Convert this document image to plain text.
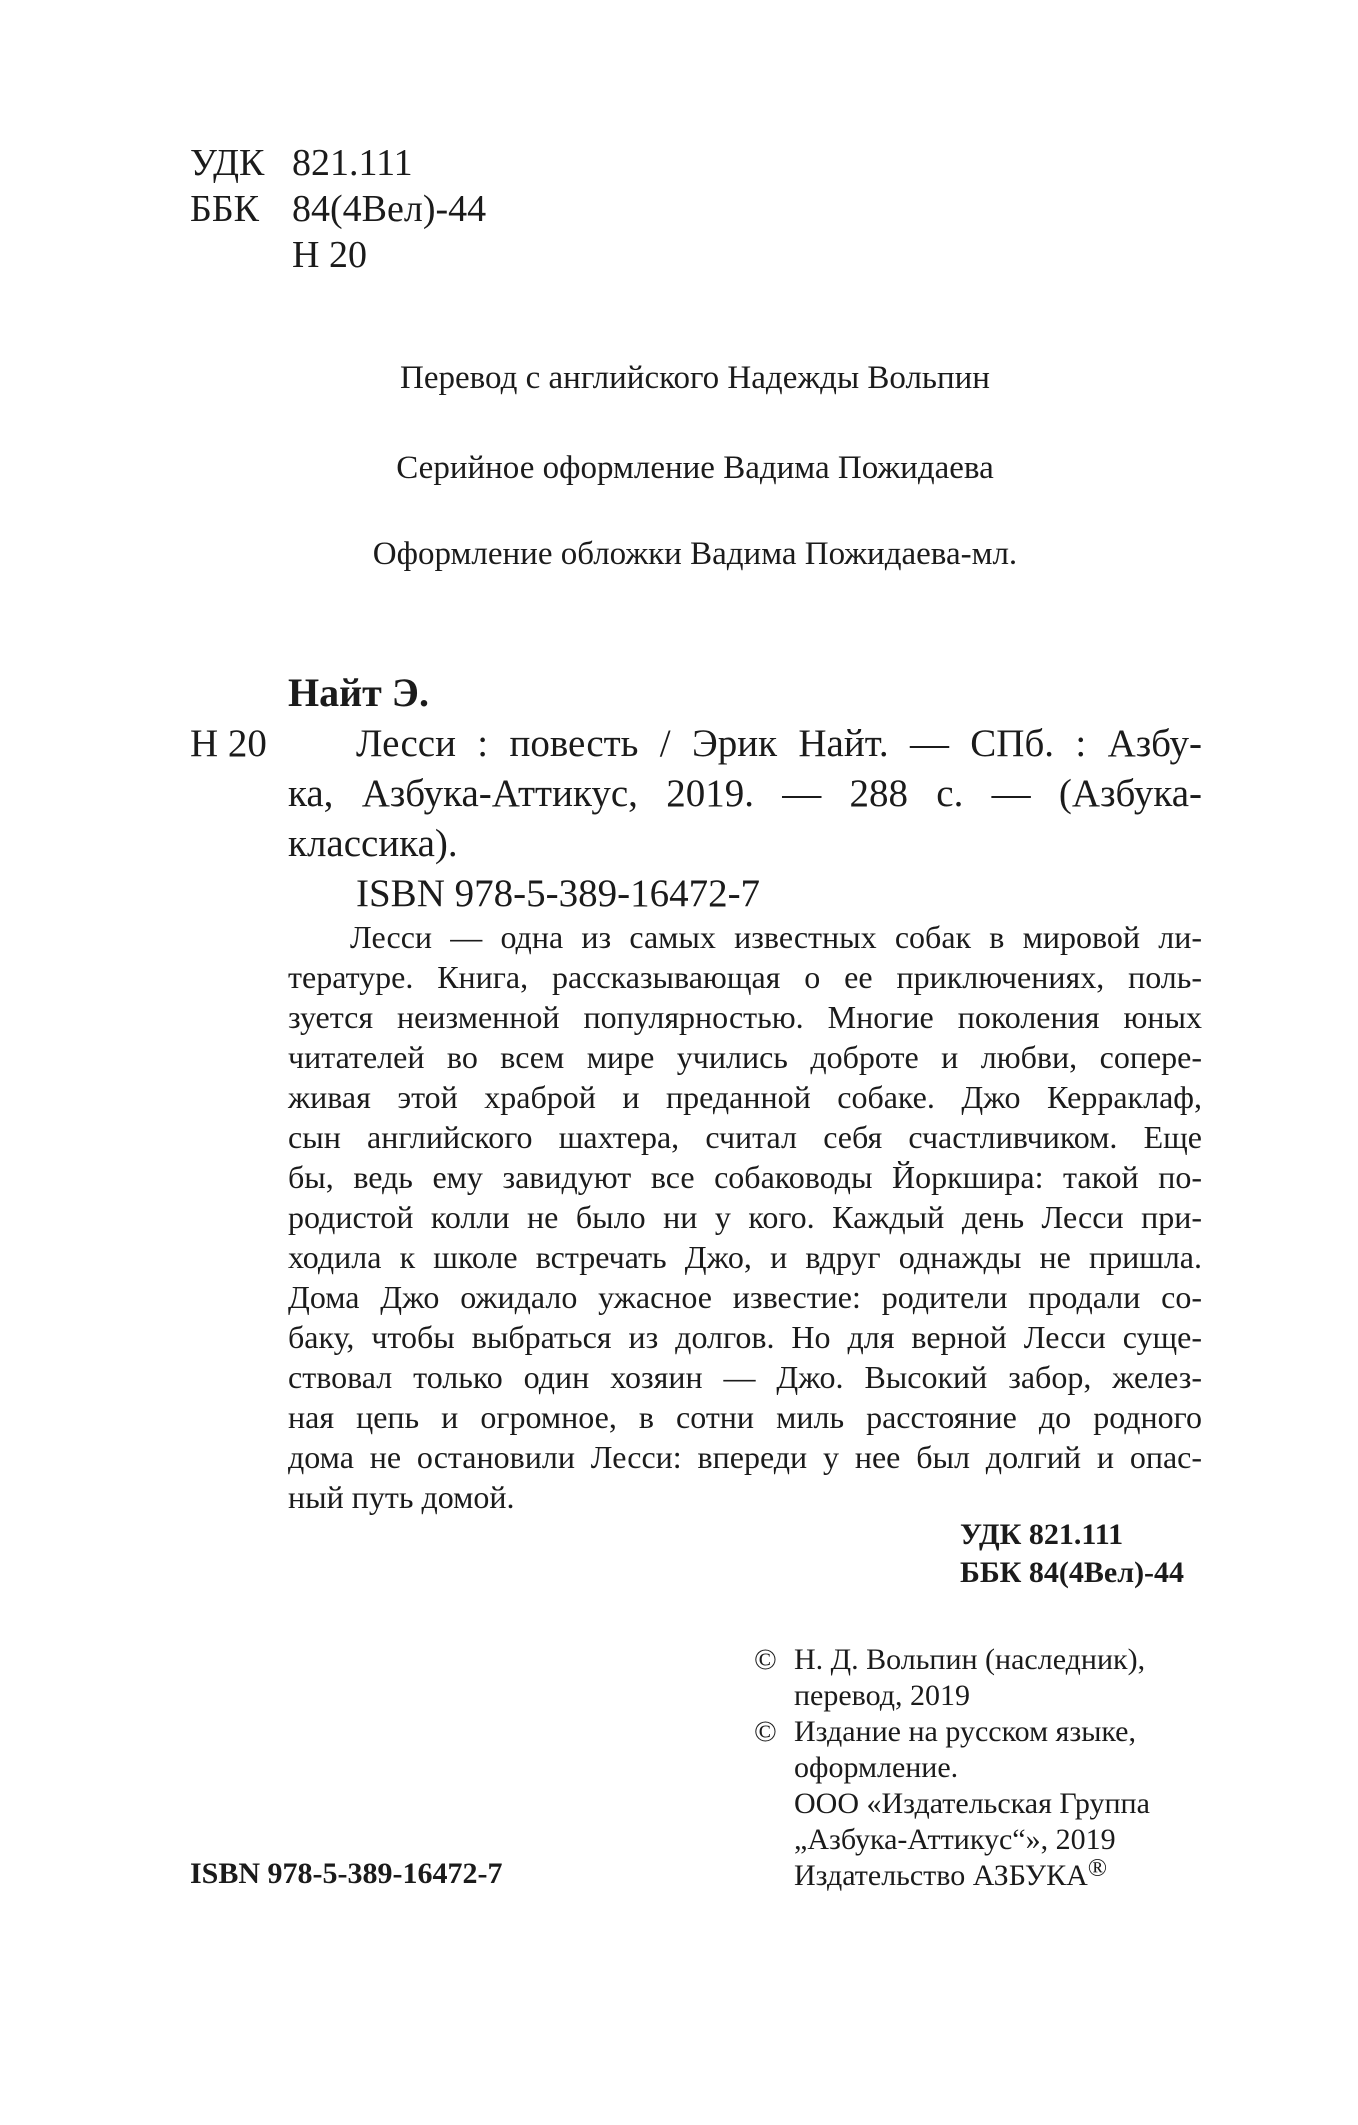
УДК 821.111
ББК 84(4Вел)-44
Н 20
Перевод с английского Надежды Вольпин
Серийное оформление Вадима Пожидаева
Оформление обложки Вадима Пожидаева-мл.
Найт Э.
Н 20 Лесси : повесть / Эрик Найт. — СПб. : Азбу-
ка, Азбука-Аттикус, 2019. — 288 с. — (Азбука-
классика).
ISBN 978-5-389-16472-7
Лесси — одна из самых известных собак в мировой ли-
тературе. Книга, рассказывающая о ее приключениях, поль-
зуется неизменной популярностью. Многие поколения юных
читателей во всем мире учились доброте и любви, сопере-
живая этой храброй и преданной собаке. Джо Керраклаф,
сын английского шахтера, считал себя счастливчиком. Еще
бы, ведь ему завидуют все собаководы Йоркшира: такой по-
родистой колли не было ни у кого. Каждый день Лесси при-
ходила к школе встречать Джо, и вдруг однажды не пришла.
Дома Джо ожидало ужасное известие: родители продали со-
баку, чтобы выбраться из долгов. Но для верной Лесси суще-
ствовал только один хозяин — Джо. Высокий забор, желез-
ная цепь и огромное, в сотни миль расстояние до родного
дома не остановили Лесси: впереди у нее был долгий и опас-
ный путь домой.
УДК 821.111
ББК 84(4Вел)-44
© Н. Д. Вольпин (наследник),
перевод, 2019
© Издание на русском языке,
оформление.
ООО «Издательская Группа
„Азбука-Аттикус“», 2019
Издательство АЗБУКА®
ISBN 978-5-389-16472-7
